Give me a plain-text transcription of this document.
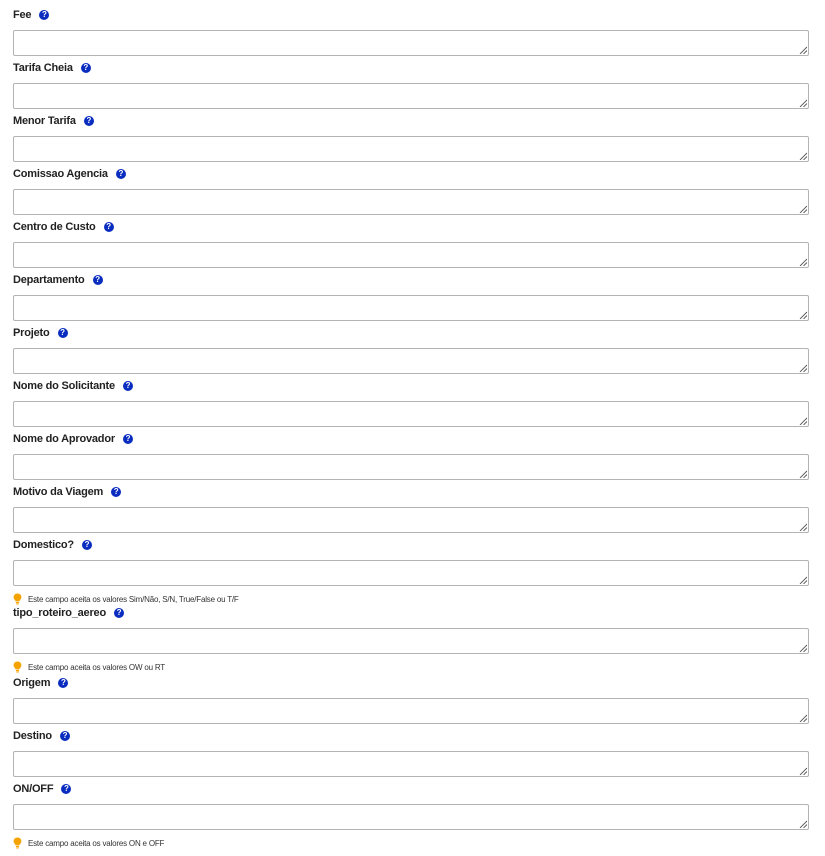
Fee	?
Tarifa Cheia	?
Menor Tarifa	?
Comissao Agencia	?
Centro de Custo	?
Departamento	?
Projeto	?
Nome do Solicitante	?
Nome do Aprovador	?
Motivo da Viagem	?
Domestico?	?
Este campo aceita os valores Sim/Não, S/N, True/False ou T/F
tipo_roteiro_aereo	?
Este campo aceita os valores OW ou RT
Origem	?
Destino	?
ON/OFF	?
Este campo aceita os valores ON e OFF
